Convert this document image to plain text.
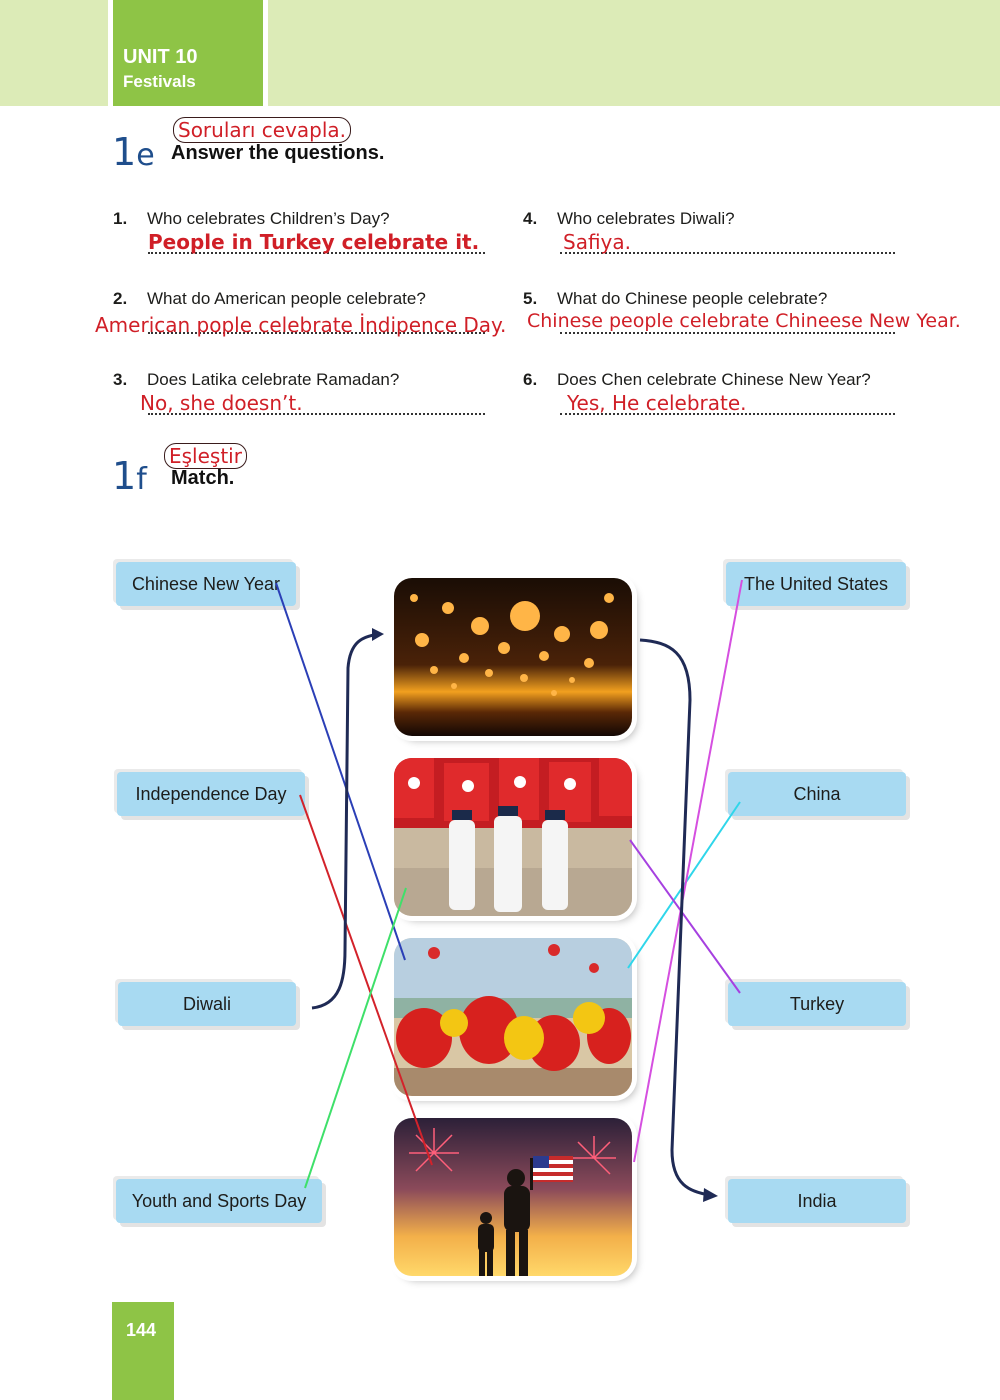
UNIT 10
Festivals
1e
Soruları cevapla.
Answer the questions.
1. Who celebrates Children’s Day?
People in Turkey celebrate it.
2. What do American people celebrate?
American pople celebrate İndipence Day.
3. Does Latika celebrate Ramadan?
No, she doesn’t.
4. Who celebrates Diwali?
Safiya.
5. What do Chinese people celebrate?
Chinese people celebrate Chineese New Year.
6. Does Chen celebrate Chinese New Year?
Yes, He celebrate.
1f
Eşleştir
Match.
Chinese New Year
Independence Day
Diwali
Youth and Sports Day
The United States
China
Turkey
India
144
